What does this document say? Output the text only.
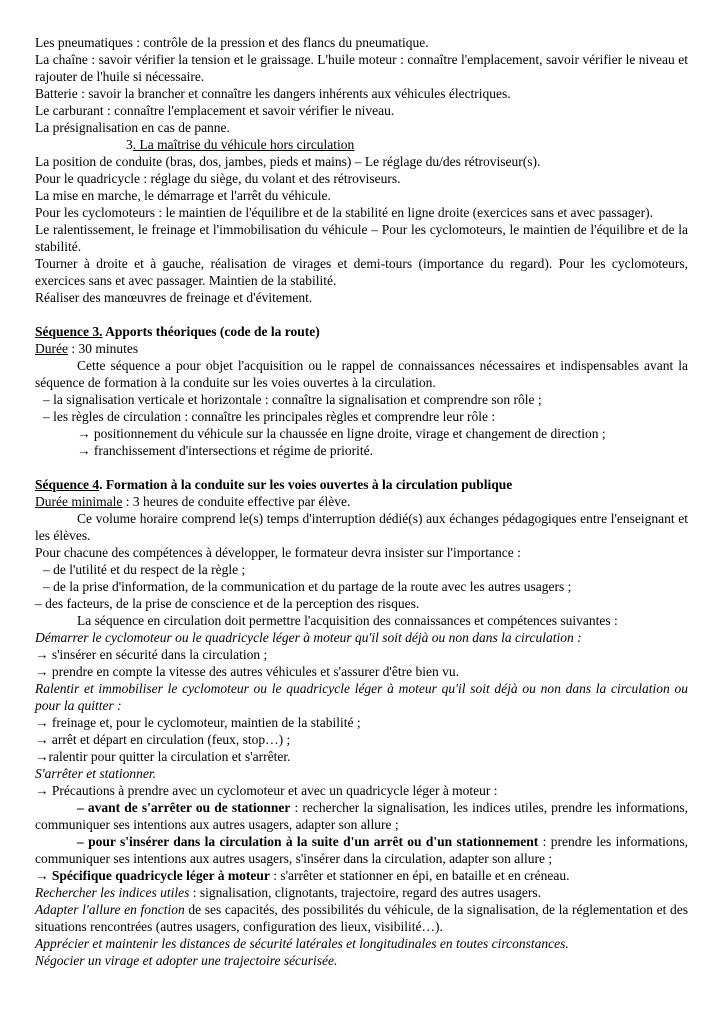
Les pneumatiques : contrôle de la pression et des flancs du pneumatique.

La chaîne : savoir vérifier la tension et le graissage. L'huile moteur : connaître l'emplacement, savoir vérifier le niveau et rajouter de l'huile si nécessaire.

Batterie : savoir la brancher et connaître les dangers inhérents aux véhicules électriques.

Le carburant : connaître l'emplacement et savoir vérifier le niveau.

La présignalisation en cas de panne.

3. La maîtrise du véhicule hors circulation

La position de conduite (bras, dos, jambes, pieds et mains) – Le réglage du/des rétroviseur(s).

Pour le quadricycle : réglage du siège, du volant et des rétroviseurs.

La mise en marche, le démarrage et l'arrêt du véhicule.

Pour les cyclomoteurs : le maintien de l'équilibre et de la stabilité en ligne droite (exercices sans et avec passager).

Le ralentissement, le freinage et l'immobilisation du véhicule – Pour les cyclomoteurs, le maintien de l'équilibre et de la stabilité.

Tourner à droite et à gauche, réalisation de virages et demi-tours (importance du regard). Pour les cyclomoteurs, exercices sans et avec passager. Maintien de la stabilité.

Réaliser des manœuvres de freinage et d'évitement.

Séquence 3. Apports théoriques (code de la route)

Durée : 30 minutes

Cette séquence a pour objet l'acquisition ou le rappel de connaissances nécessaires et indispensables avant la séquence de formation à la conduite sur les voies ouvertes à la circulation.

– la signalisation verticale et horizontale : connaître la signalisation et comprendre son rôle ;

– les règles de circulation : connaître les principales règles et comprendre leur rôle :

→ positionnement du véhicule sur la chaussée en ligne droite, virage et changement de direction ;

→ franchissement d'intersections et régime de priorité.

Séquence 4. Formation à la conduite sur les voies ouvertes à la circulation publique

Durée minimale : 3 heures de conduite effective par élève.

Ce volume horaire comprend le(s) temps d'interruption dédié(s) aux échanges pédagogiques entre l'enseignant et les élèves.

Pour chacune des compétences à développer, le formateur devra insister sur l'importance :

– de l'utilité et du respect de la règle ;

– de la prise d'information, de la communication et du partage de la route avec les autres usagers ;

– des facteurs, de la prise de conscience et de la perception des risques.

La séquence en circulation doit permettre l'acquisition des connaissances et compétences suivantes :

Démarrer le cyclomoteur ou le quadricycle léger à moteur qu'il soit déjà ou non dans la circulation :

→ s'insérer en sécurité dans la circulation ;

→ prendre en compte la vitesse des autres véhicules et s'assurer d'être bien vu.

Ralentir et immobiliser le cyclomoteur ou le quadricycle léger à moteur qu'il soit déjà ou non dans la circulation ou pour la quitter :

→ freinage et, pour le cyclomoteur, maintien de la stabilité ;

→ arrêt et départ en circulation (feux, stop…) ;

→ralentir pour quitter la circulation et s'arrêter.

S'arrêter et stationner.

→ Précautions à prendre avec un cyclomoteur et avec un quadricycle léger à moteur :

– avant de s'arrêter ou de stationner : rechercher la signalisation, les indices utiles, prendre les informations, communiquer ses intentions aux autres usagers, adapter son allure ;

– pour s'insérer dans la circulation à la suite d'un arrêt ou d'un stationnement : prendre les informations, communiquer ses intentions aux autres usagers, s'insérer dans la circulation, adapter son allure ;

→ Spécifique quadricycle léger à moteur : s'arrêter et stationner en épi, en bataille et en créneau.

Rechercher les indices utiles : signalisation, clignotants, trajectoire, regard des autres usagers.

Adapter l'allure en fonction de ses capacités, des possibilités du véhicule, de la signalisation, de la réglementation et des situations rencontrées (autres usagers, configuration des lieux, visibilité…).

Apprécier et maintenir les distances de sécurité latérales et longitudinales en toutes circonstances.

Négocier un virage et adopter une trajectoire sécurisée.
